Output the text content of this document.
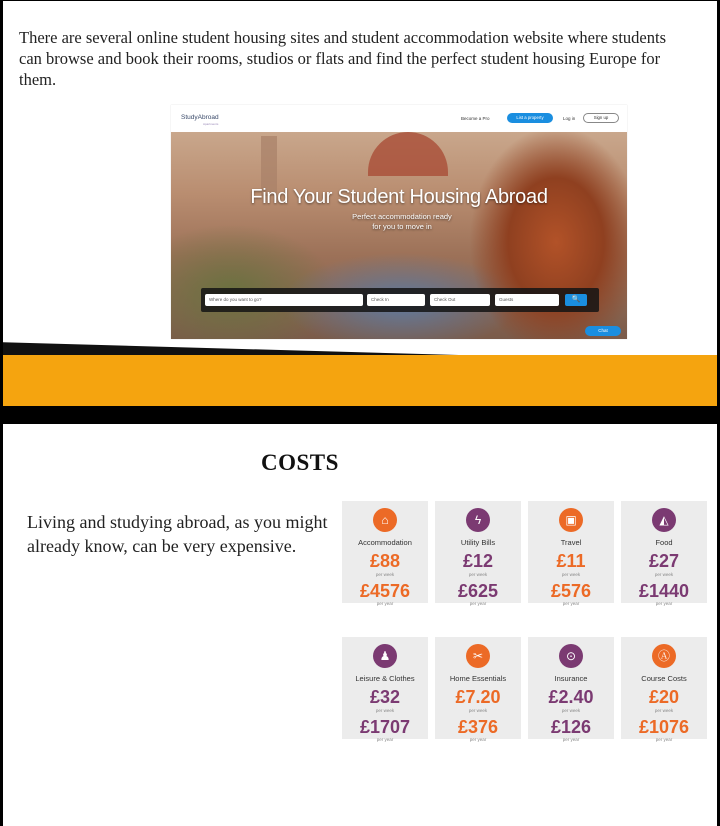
There are several online student housing sites and student accommodation website where students can browse and book their rooms, studios or flats and find the perfect student housing Europe for them.

StudyAbroad
Apartments
Become a Pro	List a property	Log in	Sign up
Find Your Student Housing Abroad
Perfect accommodation ready for you to move in
Where do you want to go?	Check In	Check Out	Guests	🔍
Chat
COSTS

Living and studying abroad, as you might already know, can be very expensive.

⌂
Accommodation
£88
per week
£4576
per year
ϟ
Utility Bills
£12
per week
£625
per year
▣
Travel
£11
per week
£576
per year
◭
Food
£27
per week
£1440
per year
♟
Leisure & Clothes
£32
per week
£1707
per year
✂
Home Essentials
£7.20
per week
£376
per year
⊙
Insurance
£2.40
per week
£126
per year
Ⓐ
Course Costs
£20
per week
£1076
per year
